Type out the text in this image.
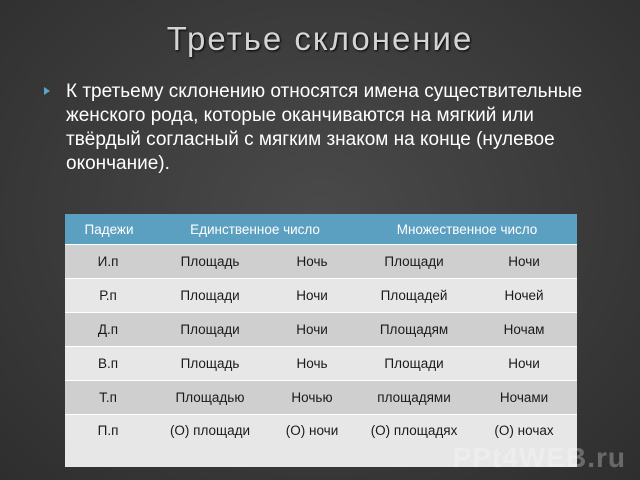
Третье склонение
К третьему склонению относятся имена существительные женского рода, которые оканчиваются на мягкий или твёрдый согласный с мягким знаком на конце (нулевое окончание).
Падежи	Единственное число		Множественное число	
И.п	Площадь	Ночь	Площади	Ночи
Р.п	Площади	Ночи	Площадей	Ночей
Д.п	Площади	Ночи	Площадям	Ночам
В.п	Площадь	Ночь	Площади	Ночи
Т.п	Площадью	Ночью	площадями	Ночами
П.п	(О) площади	(О) ночи	(О) площадях	(О) ночах
PPt4WEB.ru
